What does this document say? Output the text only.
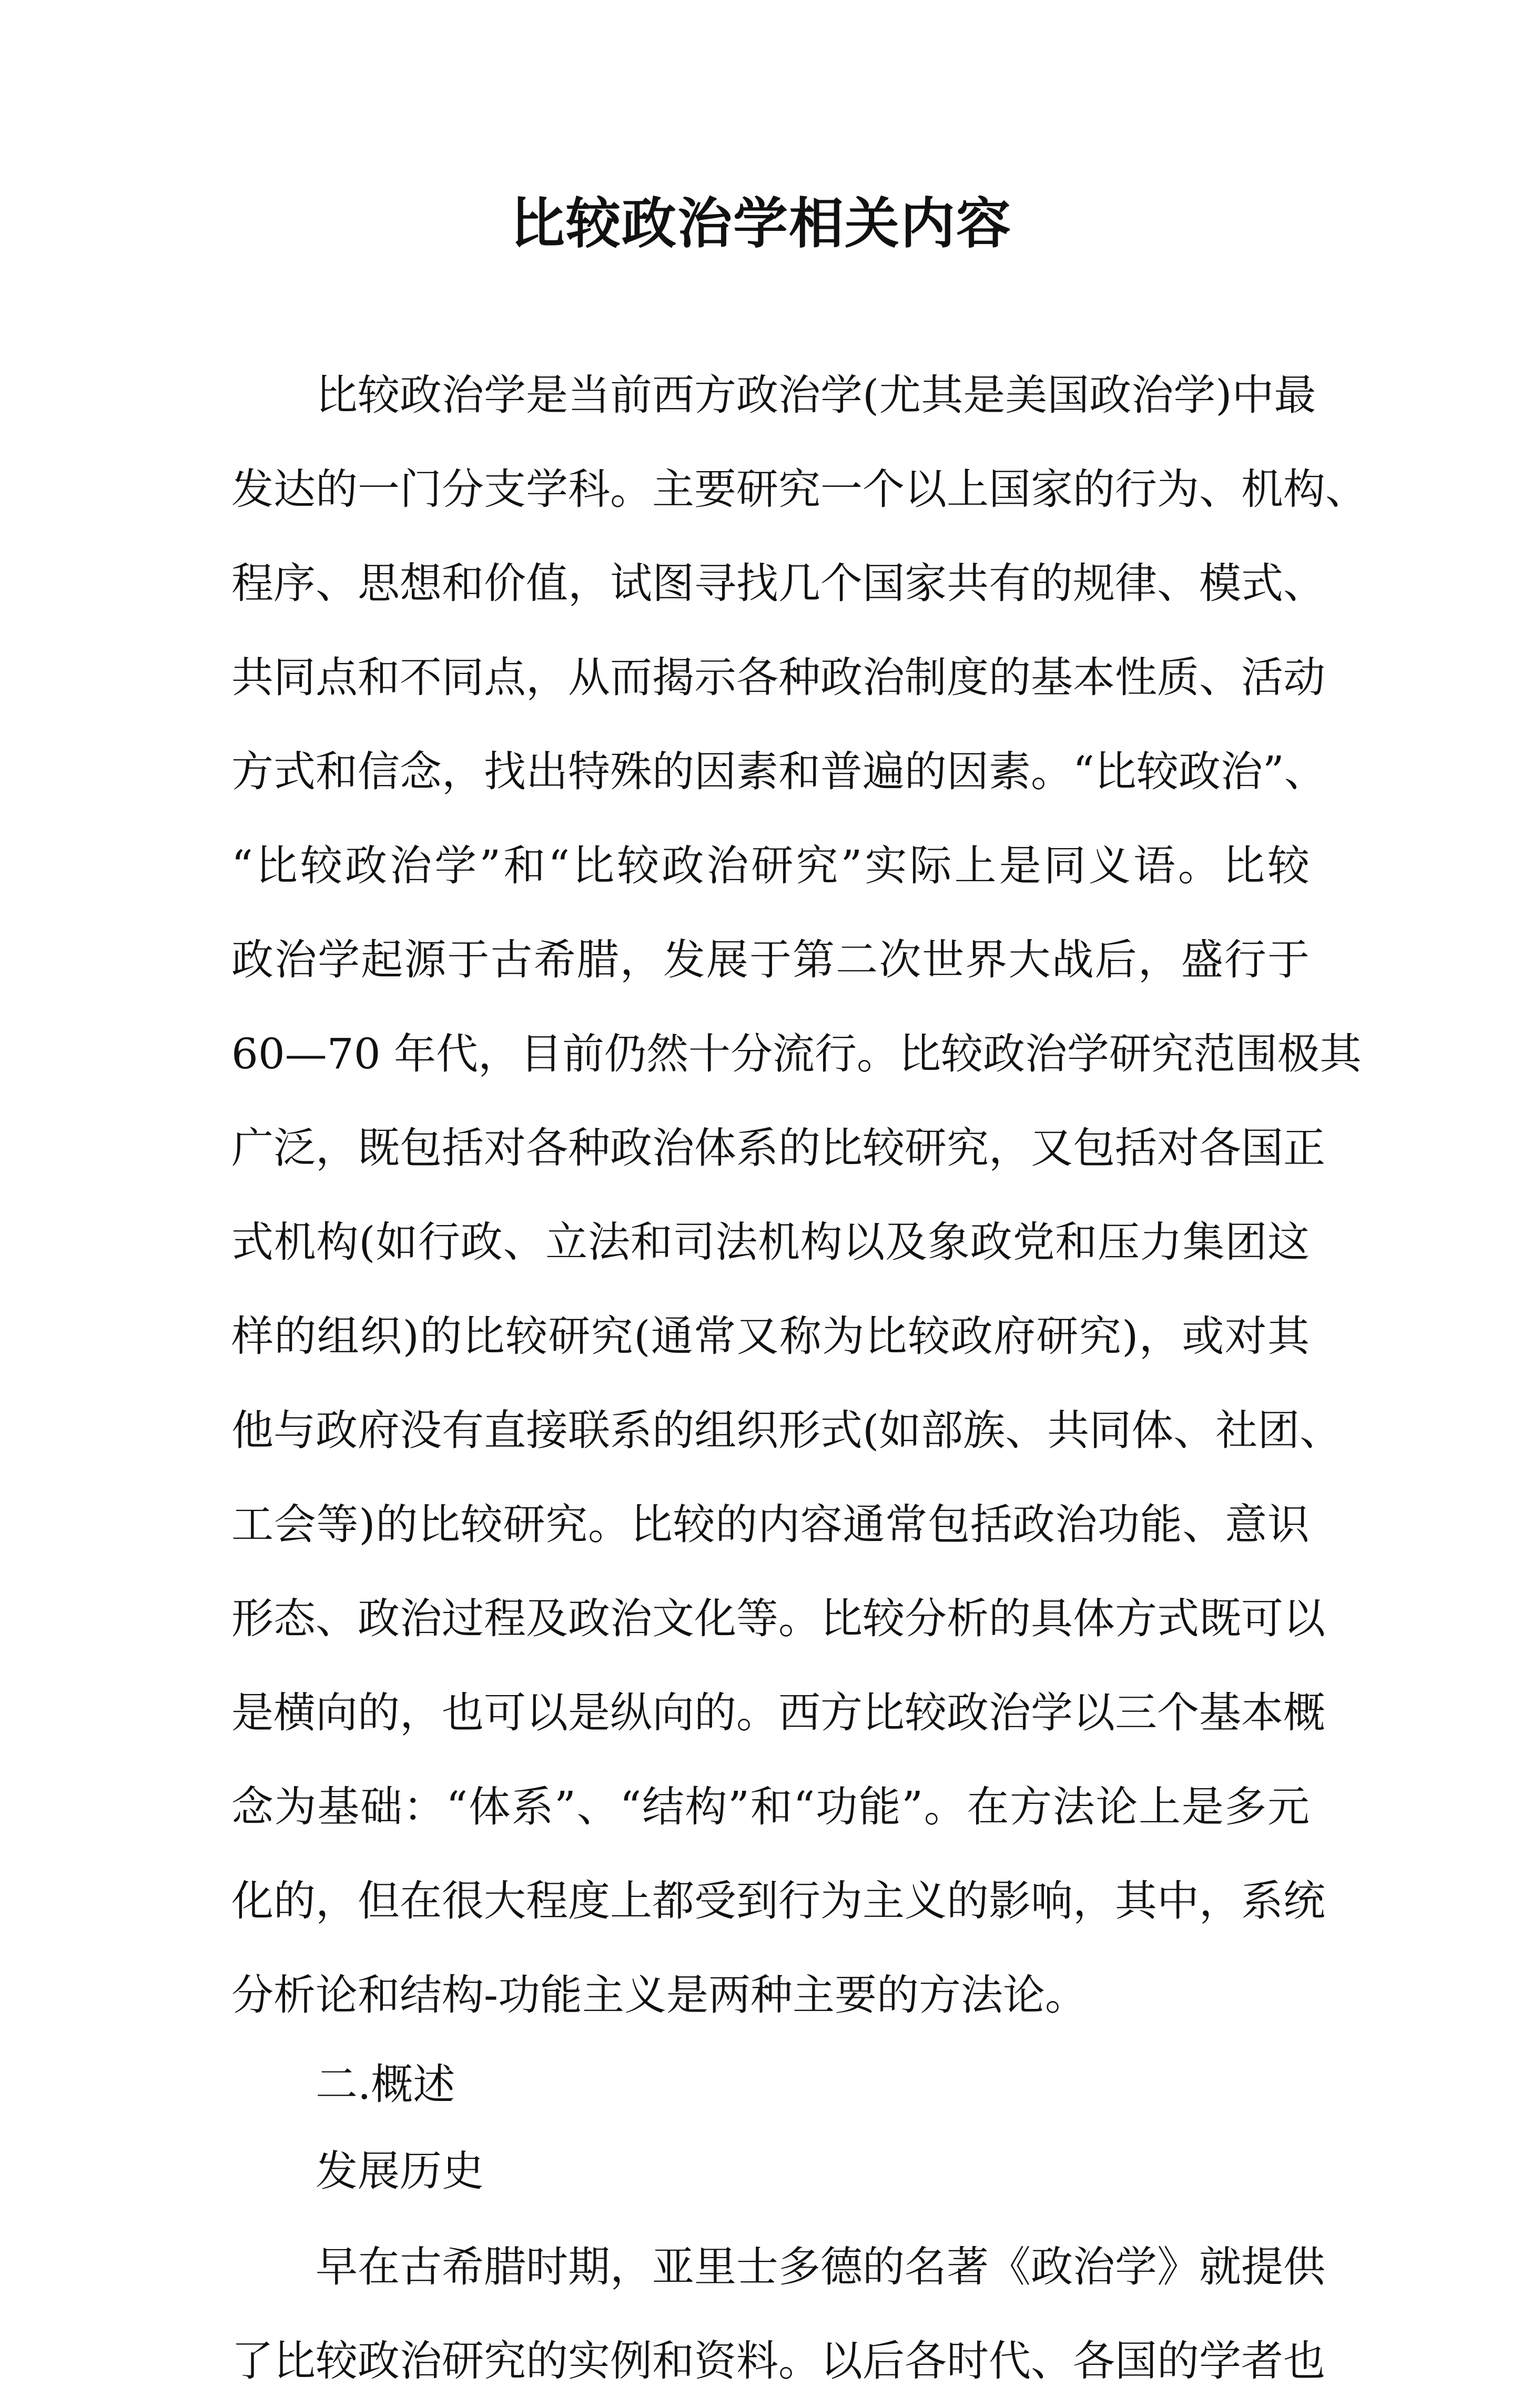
比较政治学相关内容
比较政治学是当前西方政治学(尤其是美国政治学)中最
发达的一门分支学科。主要研究一个以上国家的行为、机构、
程序、思想和价值，试图寻找几个国家共有的规律、模式、
共同点和不同点，从而揭示各种政治制度的基本性质、活动
方式和信念，找出特殊的因素和普遍的因素。“比较政治”、
“比较政治学”和“比较政治研究”实际上是同义语。比较
政治学起源于古希腊，发展于第二次世界大战后，盛行于
60—70 年代，目前仍然十分流行。比较政治学研究范围极其
广泛，既包括对各种政治体系的比较研究，又包括对各国正
式机构(如行政、立法和司法机构以及象政党和压力集团这
样的组织)的比较研究(通常又称为比较政府研究)，或对其
他与政府没有直接联系的组织形式(如部族、共同体、社团、
工会等)的比较研究。比较的内容通常包括政治功能、意识
形态、政治过程及政治文化等。比较分析的具体方式既可以
是横向的，也可以是纵向的。西方比较政治学以三个基本概
念为基础：“体系”、“结构”和“功能”。在方法论上是多元
化的，但在很大程度上都受到行为主义的影响，其中，系统
分析论和结构-功能主义是两种主要的方法论。
二.概述
发展历史
早在古希腊时期，亚里士多德的名著《政治学》就提供
了比较政治研究的实例和资料。以后各时代、各国的学者也
